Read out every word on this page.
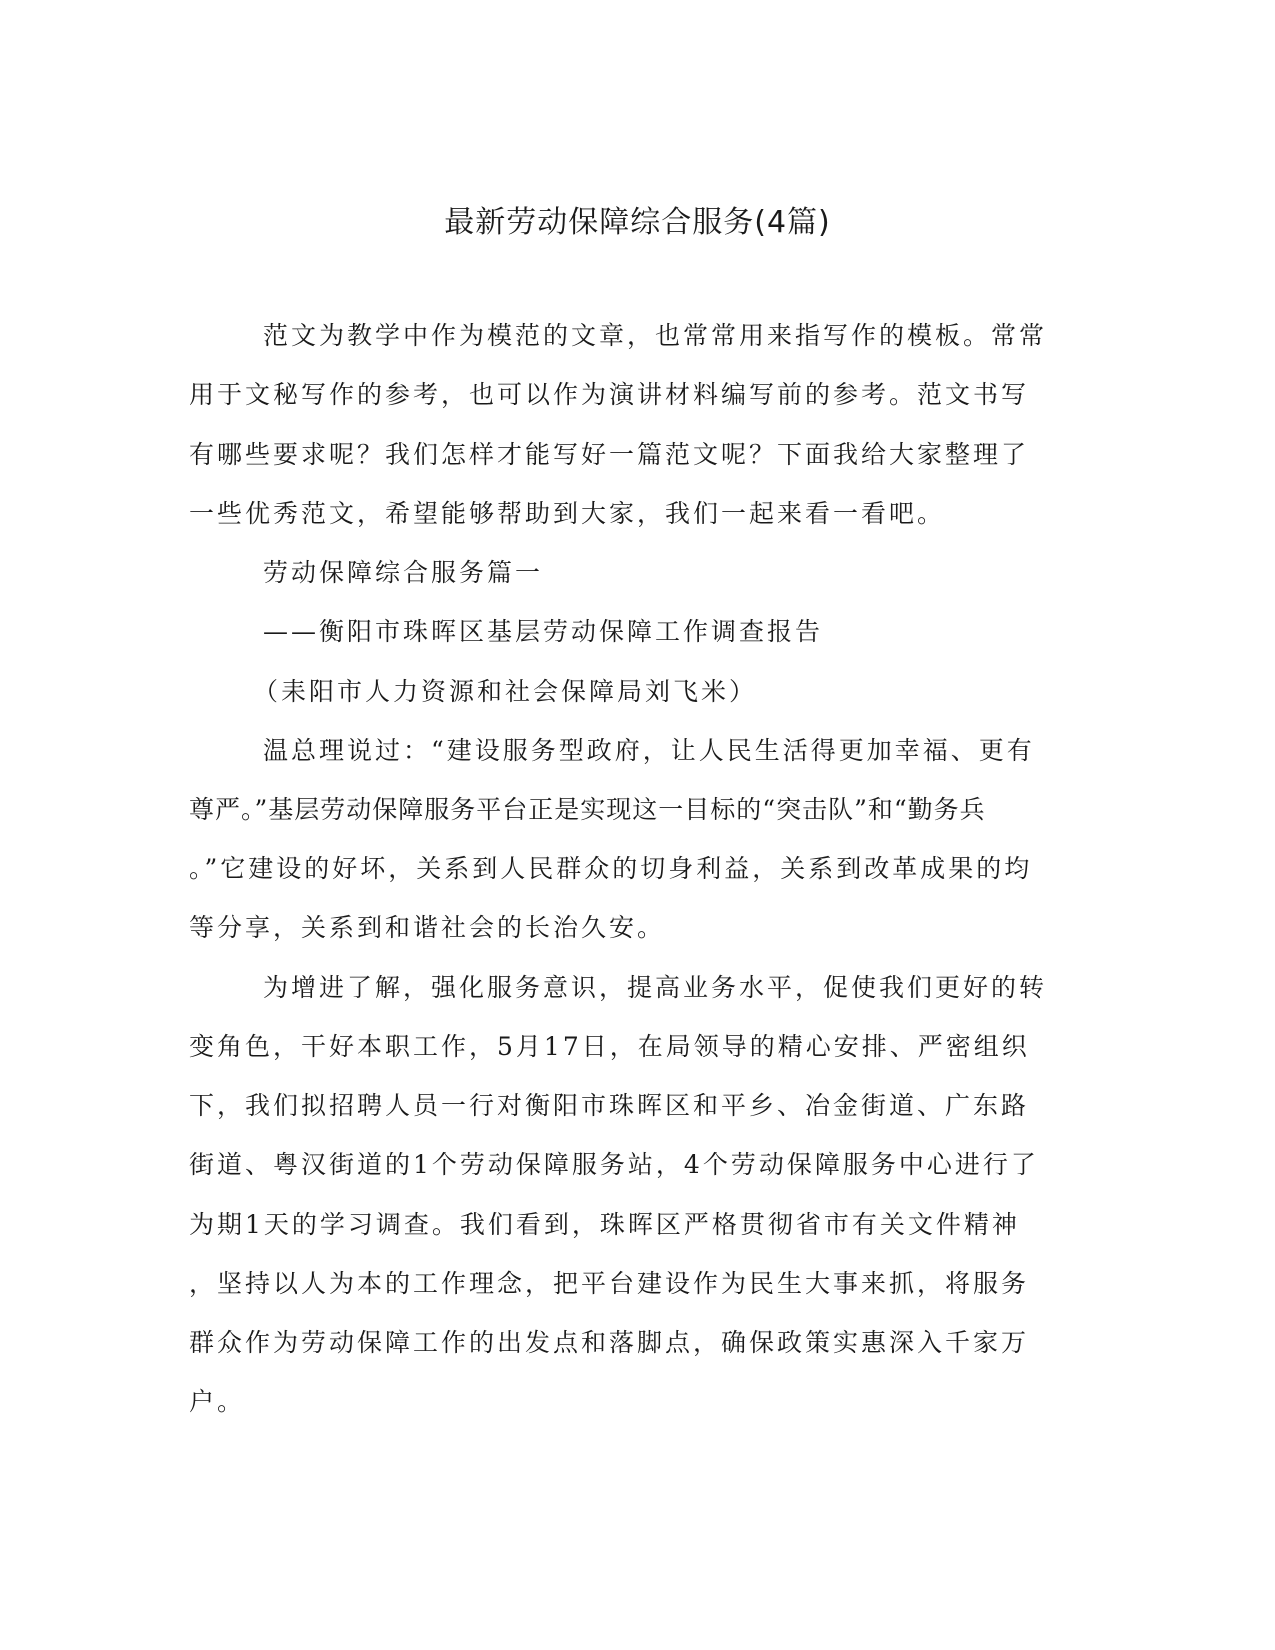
最新劳动保障综合服务(4篇)
范文为教学中作为模范的文章，也常常用来指写作的模板。常常
用于文秘写作的参考，也可以作为演讲材料编写前的参考。范文书写
有哪些要求呢？我们怎样才能写好一篇范文呢？下面我给大家整理了
一些优秀范文，希望能够帮助到大家，我们一起来看一看吧。
劳动保障综合服务篇一
——衡阳市珠晖区基层劳动保障工作调查报告
（耒阳市人力资源和社会保障局刘飞米）
温总理说过：“建设服务型政府，让人民生活得更加幸福、更有
尊严。”基层劳动保障服务平台正是实现这一目标的“突击队”和“勤务兵
。”它建设的好坏，关系到人民群众的切身利益，关系到改革成果的均
等分享，关系到和谐社会的长治久安。
为增进了解，强化服务意识，提高业务水平，促使我们更好的转
变角色，干好本职工作，5月17日，在局领导的精心安排、严密组织
下，我们拟招聘人员一行对衡阳市珠晖区和平乡、冶金街道、广东路
街道、粤汉街道的1个劳动保障服务站，4个劳动保障服务中心进行了
为期1天的学习调查。我们看到，珠晖区严格贯彻省市有关文件精神
，坚持以人为本的工作理念，把平台建设作为民生大事来抓，将服务
群众作为劳动保障工作的出发点和落脚点，确保政策实惠深入千家万
户。
